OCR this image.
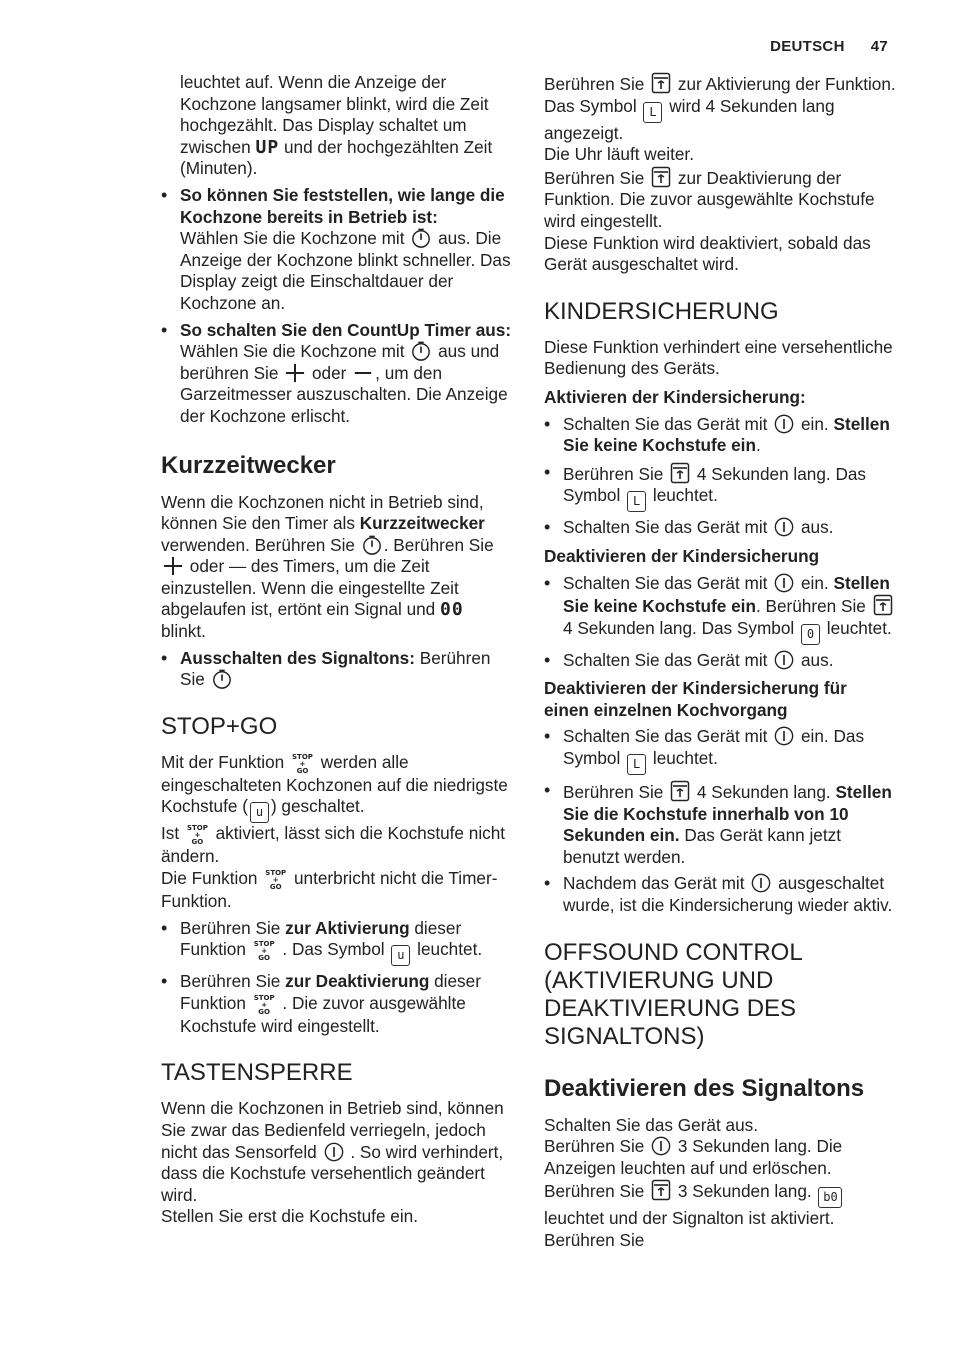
DEUTSCH 47

leuchtet auf. Wenn die Anzeige der Kochzone langsamer blinkt, wird die Zeit hochgezählt. Das Display schaltet um zwischen UP und der hochgezählten Zeit (Minuten).

• So können Sie feststellen, wie lange die Kochzone bereits in Betrieb ist:
Wählen Sie die Kochzone mit aus. Die Anzeige der Kochzone blinkt schneller. Das Display zeigt die Einschaltdauer der Kochzone an.
• So schalten Sie den CountUp Timer aus: Wählen Sie die Kochzone mit aus und berühren Sie oder , um den Garzeitmesser auszuschalten. Die Anzeige der Kochzone erlischt.
Kurzzeitwecker

Wenn die Kochzonen nicht in Betrieb sind, können Sie den Timer als Kurzzeitwecker verwenden. Berühren Sie . Berühren Sie  oder — des Timers, um die Zeit einzustellen. Wenn die eingestellte Zeit abgelaufen ist, ertönt ein Signal und 00 blinkt.

• Ausschalten des Signaltons: Berühren Sie
STOP+GO

Mit der Funktion STOP
+
GO werden alle eingeschalteten Kochzonen auf die niedrigste Kochstufe ( u ) geschaltet.

Ist STOP
+
GO aktiviert, lässt sich die Kochstufe nicht ändern.

Die Funktion STOP
+
GO unterbricht nicht die Timer-Funktion.

• Berühren Sie zur Aktivierung dieser Funktion STOP
+
GO . Das Symbol u leuchtet.
• Berühren Sie zur Deaktivierung dieser Funktion STOP
+
GO . Die zuvor ausgewählte Kochstufe wird eingestellt.
TASTENSPERRE

Wenn die Kochzonen in Betrieb sind, können Sie zwar das Bedienfeld verriegeln, jedoch nicht das Sensorfeld . So wird verhindert, dass die Kochstufe versehentlich geändert wird.

Stellen Sie erst die Kochstufe ein.

Berühren Sie zur Aktivierung der Funktion. Das Symbol L wird 4 Sekunden lang angezeigt.

Die Uhr läuft weiter.

Berühren Sie zur Deaktivierung der Funktion. Die zuvor ausgewählte Kochstufe wird eingestellt.

Diese Funktion wird deaktiviert, sobald das Gerät ausgeschaltet wird.

KINDERSICHERUNG

Diese Funktion verhindert eine versehentliche Bedienung des Geräts.

Aktivieren der Kindersicherung:

• Schalten Sie das Gerät mit ein. Stellen Sie keine Kochstufe ein.
• Berühren Sie 4 Sekunden lang. Das Symbol L leuchtet.
• Schalten Sie das Gerät mit aus.

Deaktivieren der Kindersicherung

• Schalten Sie das Gerät mit ein. Stellen Sie keine Kochstufe ein. Berühren Sie  4 Sekunden lang. Das Symbol 0 leuchtet.
• Schalten Sie das Gerät mit aus.

Deaktivieren der Kindersicherung für einen einzelnen Kochvorgang

• Schalten Sie das Gerät mit ein. Das Symbol L leuchtet.
• Berühren Sie 4 Sekunden lang. Stellen Sie die Kochstufe innerhalb von 10 Sekunden ein. Das Gerät kann jetzt benutzt werden.
• Nachdem das Gerät mit ausgeschaltet wurde, ist die Kindersicherung wieder aktiv.
OFFSOUND CONTROL (AKTIVIERUNG UND DEAKTIVIERUNG DES SIGNALTONS)
Deaktivieren des Signaltons

Schalten Sie das Gerät aus.

Berühren Sie 3 Sekunden lang. Die Anzeigen leuchten auf und erlöschen. Berühren Sie 3 Sekunden lang. b0 leuchtet und der Signalton ist aktiviert. Berühren Sie
